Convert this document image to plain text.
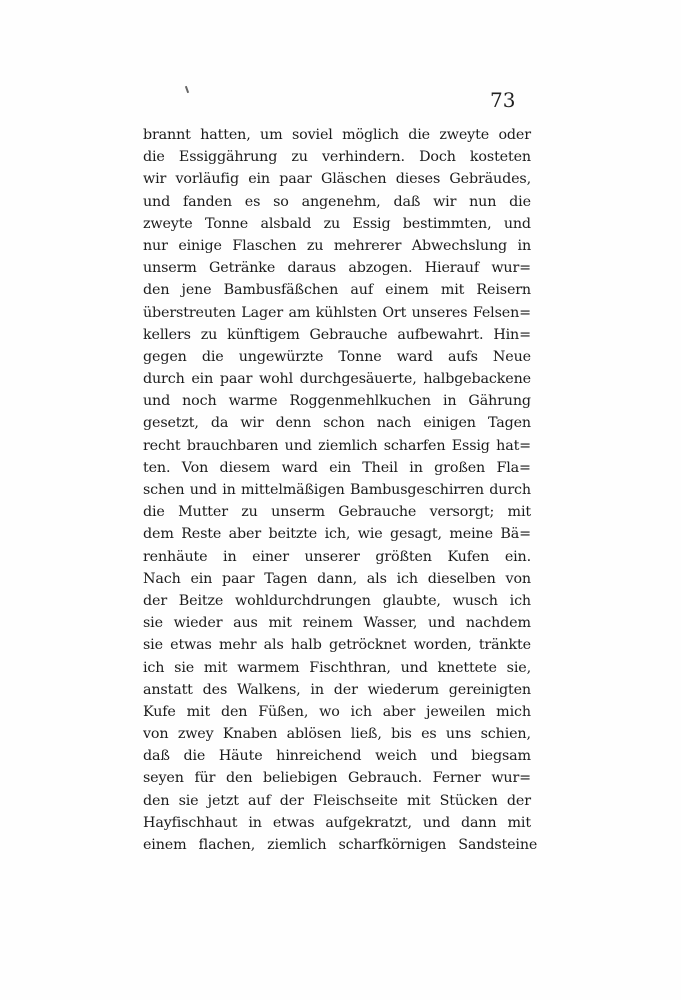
73
brannt hatten, um soviel möglich die zweyte oder
die Essiggährung zu verhindern. Doch kosteten
wir vorläufig ein paar Gläschen dieses Gebräudes,
und fanden es so angenehm, daß wir nun die
zweyte Tonne alsbald zu Essig bestimmten, und
nur einige Flaschen zu mehrerer Abwechslung in
unserm Getränke daraus abzogen. Hierauf wur=
den jene Bambusfäßchen auf einem mit Reisern
überstreuten Lager am kühlsten Ort unseres Felsen=
kellers zu künftigem Gebrauche aufbewahrt. Hin=
gegen die ungewürzte Tonne ward aufs Neue
durch ein paar wohl durchgesäuerte, halbgebackene
und noch warme Roggenmehlkuchen in Gährung
gesetzt, da wir denn schon nach einigen Tagen
recht brauchbaren und ziemlich scharfen Essig hat=
ten. Von diesem ward ein Theil in großen Fla=
schen und in mittelmäßigen Bambusgeschirren durch
die Mutter zu unserm Gebrauche versorgt; mit
dem Reste aber beitzte ich, wie gesagt, meine Bä=
renhäute in einer unserer größten Kufen ein.
Nach ein paar Tagen dann, als ich dieselben von
der Beitze wohldurchdrungen glaubte, wusch ich
sie wieder aus mit reinem Wasser, und nachdem
sie etwas mehr als halb getröcknet worden, tränkte
ich sie mit warmem Fischthran, und knettete sie,
anstatt des Walkens, in der wiederum gereinigten
Kufe mit den Füßen, wo ich aber jeweilen mich
von zwey Knaben ablösen ließ, bis es uns schien,
daß die Häute hinreichend weich und biegsam
seyen für den beliebigen Gebrauch. Ferner wur=
den sie jetzt auf der Fleischseite mit Stücken der
Hayfischhaut in etwas aufgekratzt, und dann mit
einem flachen, ziemlich scharfkörnigen Sandsteine
